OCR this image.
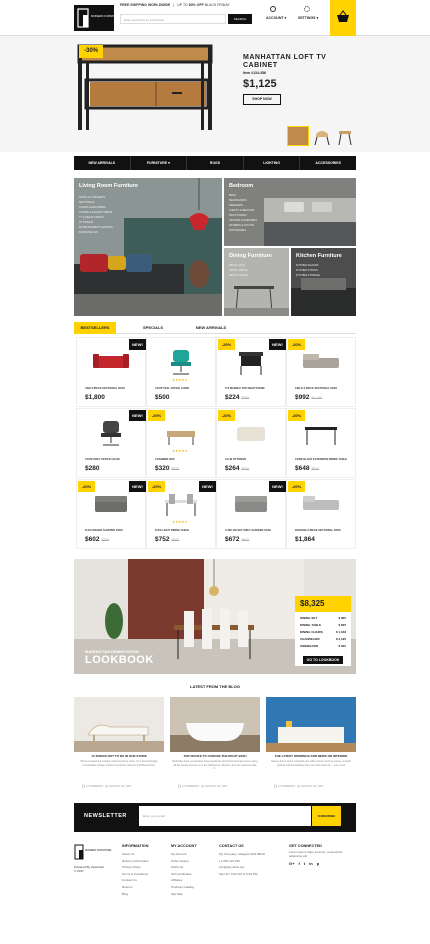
MODERN FURNITURE
FREE SHIPPING WORLDWIDE | UP TO 80% OFF BLACK FRIDAY
Enter searching for purchases	SEARCH	ACCOUNT ▾	SETTINGS ▾
-30%
MANHATTAN LOFT TV CABINET
Item #134-456
$1,125
SHOP NOW
NEW ARRIVALS	FURNITURE ▾	RUGS	LIGHTING	ACCESSORIES
Living Room Furniture
SOFAS & LOVESEATS
SECTIONALS
CHAIRS & RECLINERS
COFFEE & ACCENT TABLES
TV & MEDIA STANDS
OTTOMANS
ENTERTAINMENT CENTERS
BOOKSHELVES
Bedroom
BEDS
HEADBOARDS
DRESSERS
CHESTS & BENCHES
NIGHTSTANDS
VANITIES & DRESSERS
DAYBEDS & FUTONS
MATTRESSES
Dining Furniture
DINING SETS
DINING TABLES
DINING CHAIRS
Kitchen Furniture
KITCHEN ISLANDS
KITCHEN STOOLS
KITCHEN STORAGE
BESTSELLERS	SPECIALS	NEW ARRIVALS
NEW!
UNO 3-PIECE SECTIONAL SOFA
$1,800
★★★★★
COUP TEAL OFFICE CHAIR
$500
-20%	NEW!
TUI MARBLE TOP NIGHTSTAND
$224 $280
-20%
CIELO 3-PIECE SECTIONAL SOFA
$992 $1,240
NEW!
COUP GREY OFFICE CHAIR
$280
-20%
★★★★★
CHAMBER BOX
$320 $400
-20%
CLUB OTTOMAN
$264 $330
-20%
CORE BLACK EXTENSION DINING TABLE
$648 $810
-20%	NEW!
FLEX MAGNO SLEEPER SOFA
$602 $752
-20%	NEW!
★★★★★
FLEX LIGHT DINING TABLE
$752 $940
NEW!
LUXE VELVET GREY SLEEPER SOFA
$672 $840
-20%
DICKENS 3-PIECE SECTIONAL SOFA
$1,864
MANHATTAN DINING ROOM
LOOKBOOK
$8,325
DINING SET	$ 825
DINING TABLE	$ 825
DINING CHAIRS	$ 1,048
CHANDELIER	$ 2,195
SIDEBOARD	$ 840
GO TO LOOKBOOK
LATEST FROM THE BLOG
10 THINGS NOT TO DO IN OUR STORE
We've created the coolest online furniture store. It's 2 Great Design Comfortable Shape, Perfect Customer Service and Best Prices.
💬 3 COMMENTS   ▦ JANUARY 09, 2017
TOP NOVICE TO CHOOSE THE RIGHT BATH
Bathrobe have penetrated. Everyrandomly and stretched have been using all the trends around us in the bathrooms. Monier, drop an welcome take if...
💬 3 COMMENTS   ▦ JANUARY 09, 2017
THE LATEST OPENINGS AND NEWS ON INTERIOR
Nature home decor materials are still in trend. Such as stone, smooth granite and decoratively the room the colors of ... very cool!
💬 3 COMMENTS   ▦ JANUARY 09, 2017
NEWSLETTER	Enter your email	SUBSCRIBE
MODERN FURNITURE
Powered By OpenCart
© 2017
INFORMATION
About Us
Delivery Information
Privacy Policy
Terms & Conditions
Contact Us
Returns
Blog
MY ACCOUNT
My Account
Order History
Wish List
Gift Certificates
Affiliates
Products Catalog
Site Map
CONTACT US
My Company, Glasgow D04 89GR
+1 800 123 456
info@demolink.org
Mon-Fri: 9.00 AM to 6.00 PM
GET CONNECTED
Lorem ipsum dolor sit amet, consectetur adipiscing elit.
G+ f t in p
